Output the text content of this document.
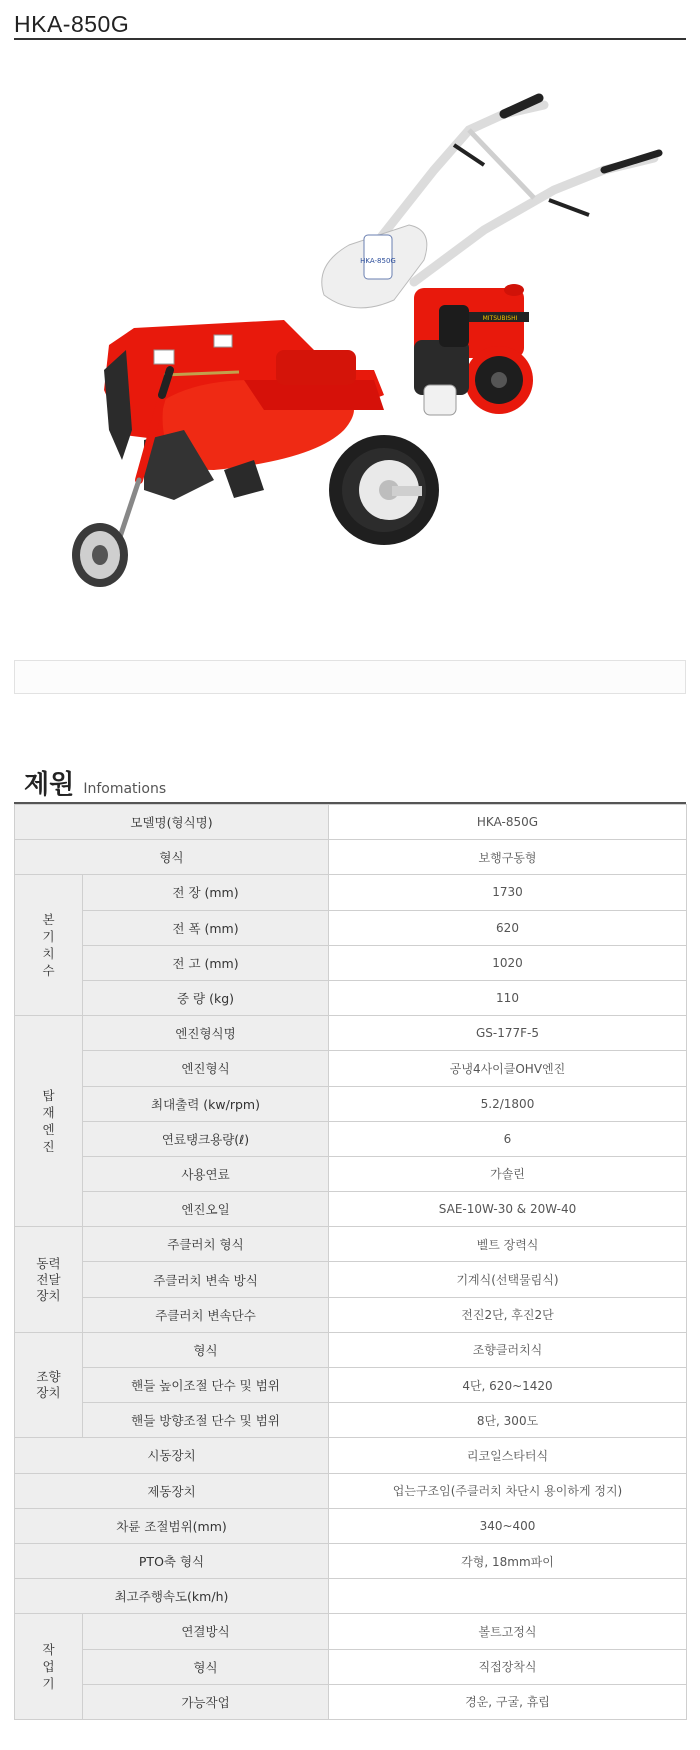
HKA-850G
HKA-850G
MITSUBISHI
제원 Infomations
모델명(형식명)		HKA-850G
형식		보행구동형
본기치수	전 장 (mm)	1730
	전 폭 (mm)	620
	전 고 (mm)	1020
	중 량 (kg)	110
탑재엔진	엔진형식명	GS-177F-5
	엔진형식	공냉4사이클OHV엔진
	최대출력 (kw/rpm)	5.2/1800
	연료탱크용량(ℓ)	6
	사용연료	가솔린
	엔진오일	SAE-10W-30 & 20W-40
동력
전달
장치	주클러치 형식	벨트 장력식
	주클러치 변속 방식	기계식(선택물림식)
	주클러치 변속단수	전진2단, 후진2단
조향
장치	형식	조향클러치식
	핸들 높이조절 단수 및 범위	4단, 620~1420
	핸들 방향조절 단수 및 범위	8단, 300도
시동장치		리코일스타터식
제동장치		업는구조임(주클러치 차단시 용이하게 정지)
차륜 조절범위(mm)		340~400
PTO축 형식		각형, 18mm파이
최고주행속도(km/h)		
작업기	연결방식	볼트고정식
	형식	직접장착식
	가능작업	경운, 구굴, 휴립
